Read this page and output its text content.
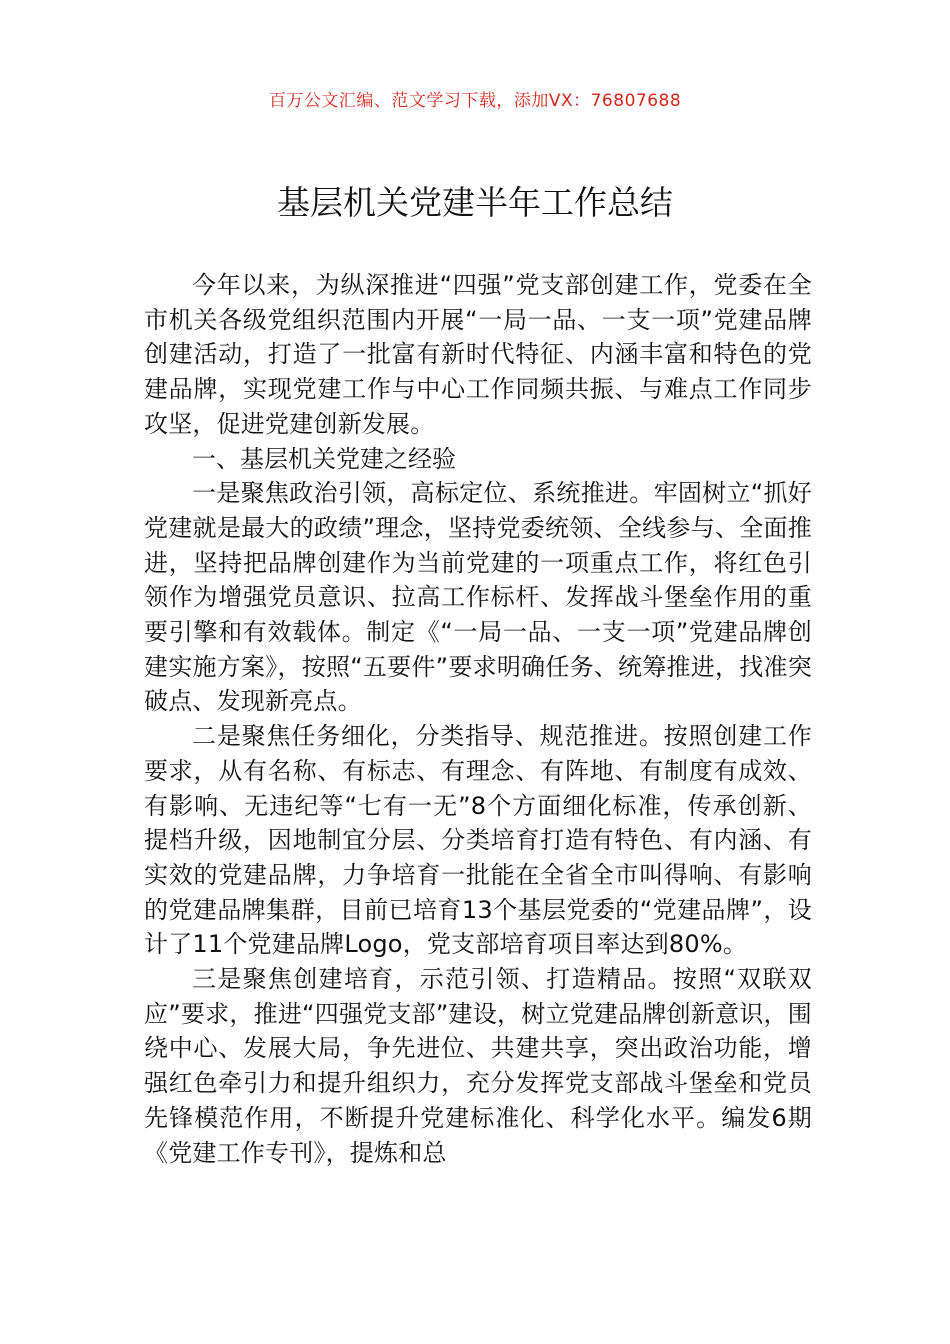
百万公文汇编、范文学习下载，添加VX：76807688
基层机关党建半年工作总结

今年以来，为纵深推进“四强”党支部创建工作，党委在全市机关各级党组织范围内开展“一局一品、一支一项”党建品牌创建活动，打造了一批富有新时代特征、内涵丰富和特色的党建品牌，实现党建工作与中心工作同频共振、与难点工作同步攻坚，促进党建创新发展。

一、基层机关党建之经验

一是聚焦政治引领，高标定位、系统推进。牢固树立“抓好党建就是最大的政绩”理念，坚持党委统领、全线参与、全面推进，坚持把品牌创建作为当前党建的一项重点工作，将红色引领作为增强党员意识、拉高工作标杆、发挥战斗堡垒作用的重要引擎和有效载体。制定《“一局一品、一支一项”党建品牌创建实施方案》，按照“五要件”要求明确任务、统筹推进，找准突破点、发现新亮点。

二是聚焦任务细化，分类指导、规范推进。按照创建工作要求，从有名称、有标志、有理念、有阵地、有制度有成效、有影响、无违纪等“七有一无”8个方面细化标准，传承创新、提档升级，因地制宜分层、分类培育打造有特色、有内涵、有实效的党建品牌，力争培育一批能在全省全市叫得响、有影响的党建品牌集群，目前已培育13个基层党委的“党建品牌”，设计了11个党建品牌Logo，党支部培育项目率达到80%。

三是聚焦创建培育，示范引领、打造精品。按照“双联双应”要求，推进“四强党支部”建设，树立党建品牌创新意识，围绕中心、发展大局，争先进位、共建共享，突出政治功能，增强红色牵引力和提升组织力，充分发挥党支部战斗堡垒和党员先锋模范作用，不断提升党建标准化、科学化水平。编发6期《党建工作专刊》，提炼和总
